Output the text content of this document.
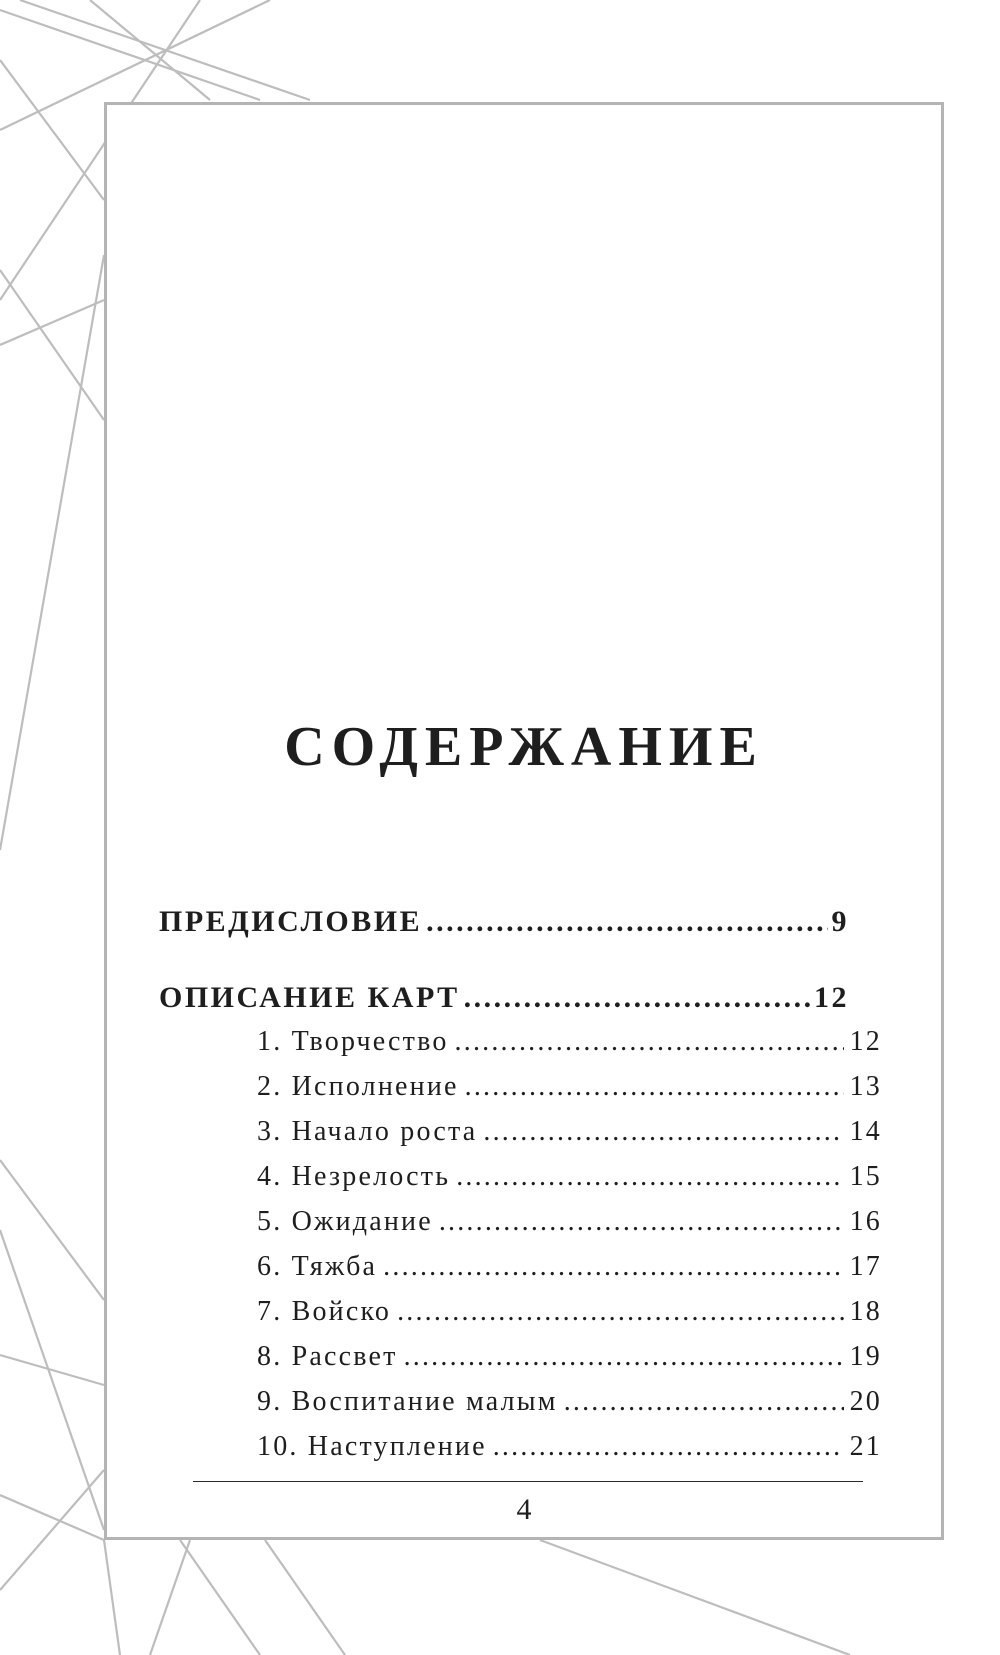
СОДЕРЖАНИЕ
ПРЕДИСЛОВИЕ .....	9
ОПИСАНИЕ КАРТ .....	12
1. Творчество .....	12
2. Исполнение .....	13
3. Начало роста .....	14
4. Незрелость .....	15
5. Ожидание .....	16
6. Тяжба .....	17
7. Войско .....	18
8. Рассвет .....	19
9. Воспитание малым .....	20
10. Наступление .....	21
4
